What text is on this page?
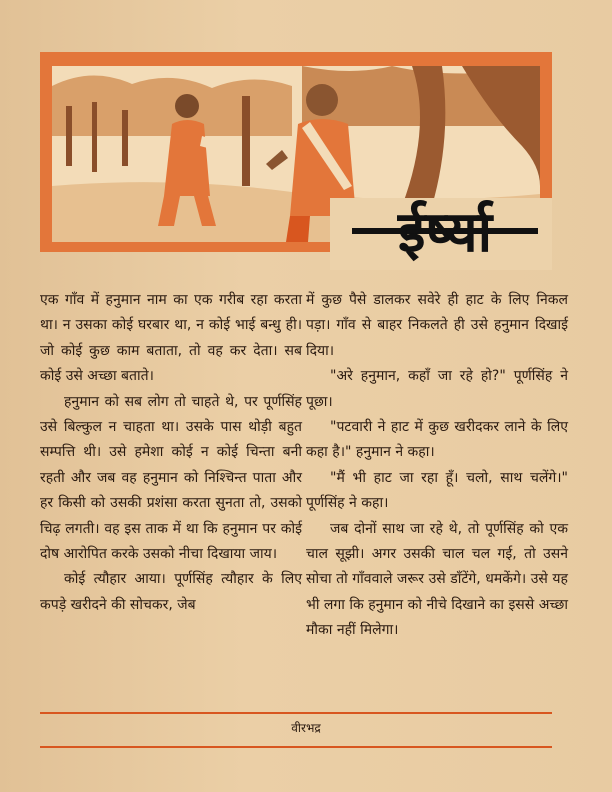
ईर्ष्या

एक गाँव में हनुमान नाम का एक गरीब रहा करता था। न उसका कोई घरबार था, न कोई भाई बन्धु ही। जो कोई कुछ काम बताता, तो वह कर देता। सब कोई उसे अच्छा बताते।

हनुमान को सब लोग तो चाहते थे, पर पूर्णसिंह उसे बिल्कुल न चाहता था। उसके पास थोड़ी बहुत सम्पत्ति थी। उसे हमेशा कोई न कोई चिन्ता बनी रहती और जब वह हनुमान को निश्चिन्त पाता और हर किसी को उसकी प्रशंसा करता सुनता तो, उसको चिढ़ लगती। वह इस ताक में था कि हनुमान पर कोई दोष आरोपित करके उसको नीचा दिखाया जाय।

कोई त्यौहार आया। पूर्णसिंह त्यौहार के लिए कपड़े खरीदने की सोचकर, जेब

में कुछ पैसे डालकर सवेरे ही हाट के लिए निकल पड़ा। गाँव से बाहर निकलते ही उसे हनुमान दिखाई दिया।

"अरे हनुमान, कहाँ जा रहे हो?" पूर्णसिंह ने पूछा।

"पटवारी ने हाट में कुछ खरीदकर लाने के लिए कहा है।" हनुमान ने कहा।

"मैं भी हाट जा रहा हूँ। चलो, साथ चलेंगे।" पूर्णसिंह ने कहा।

जब दोनों साथ जा रहे थे, तो पूर्णसिंह को एक चाल सूझी। अगर उसकी चाल चल गई, तो उसने सोचा तो गाँववाले जरूर उसे डाँटेंगे, धमकेंगे। उसे यह भी लगा कि हनुमान को नीचे दिखाने का इससे अच्छा मौका नहीं मिलेगा।

वीरभद्र
